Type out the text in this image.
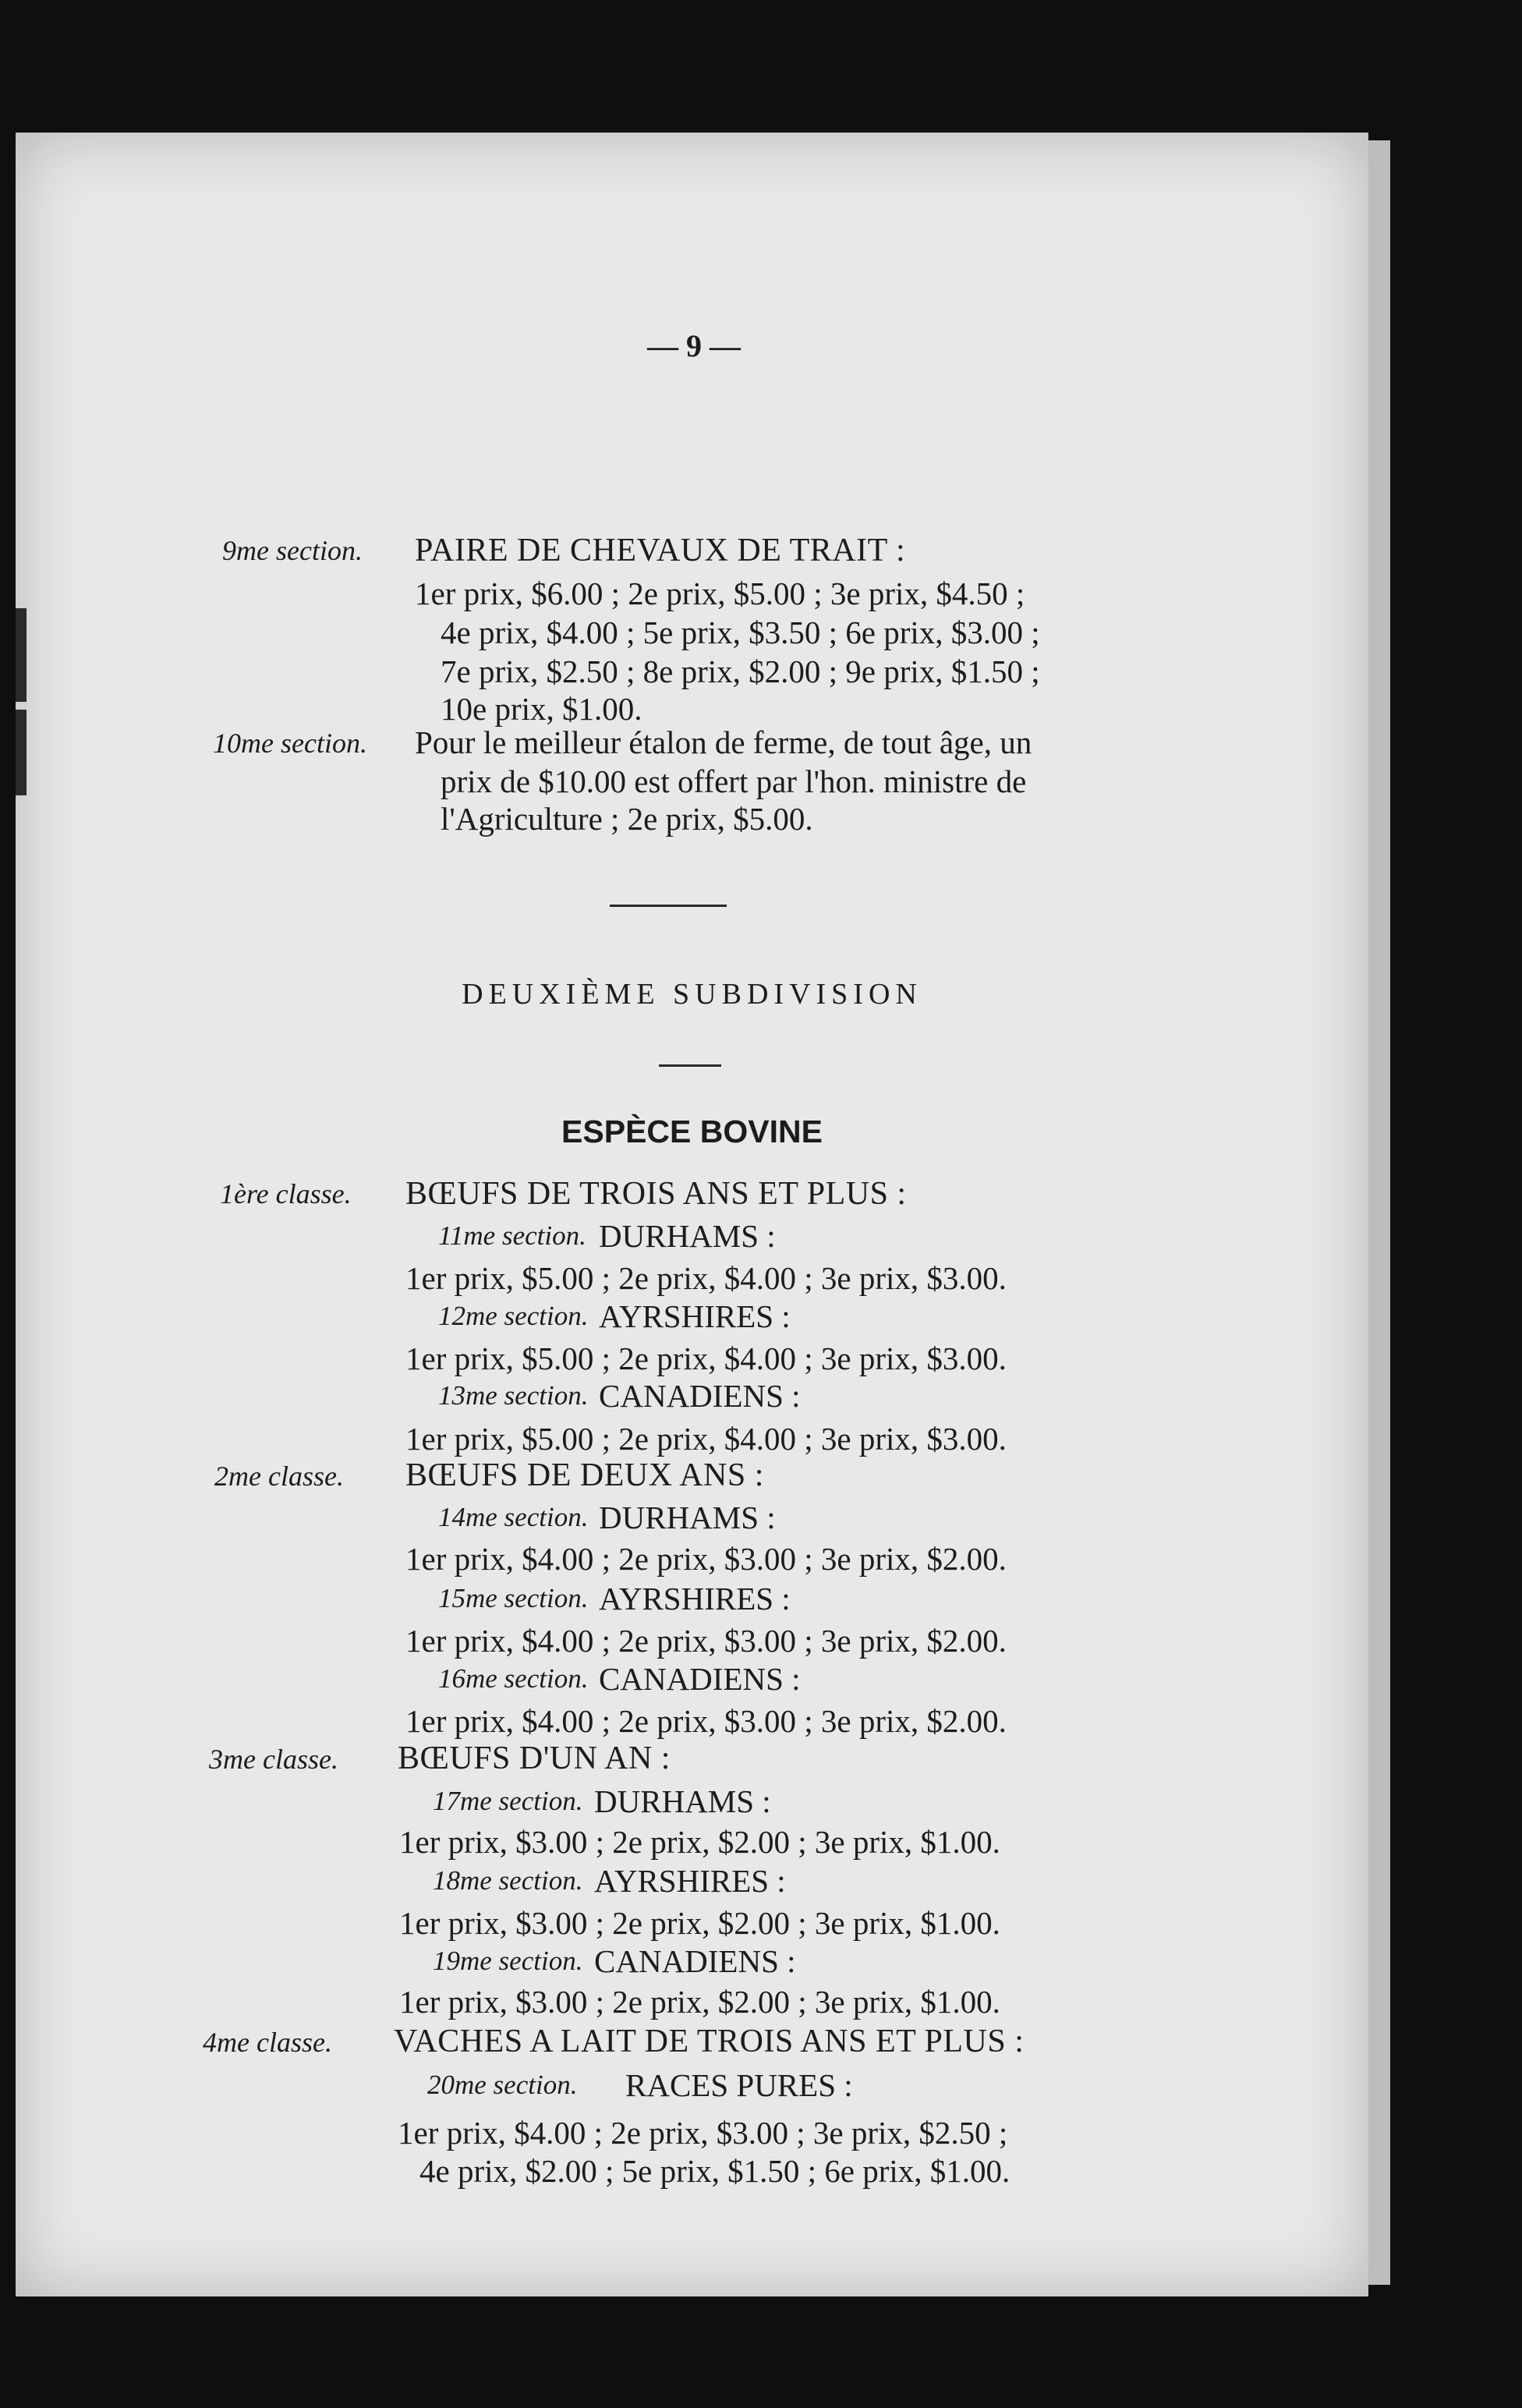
— 9 —
9me section. PAIRE DE CHEVAUX DE TRAIT :
1er prix, $6.00 ; 2e prix, $5.00 ; 3e prix, $4.50 ;
4e prix, $4.00 ; 5e prix, $3.50 ; 6e prix, $3.00 ;
7e prix, $2.50 ; 8e prix, $2.00 ; 9e prix, $1.50 ;
10e prix, $1.00.
10me section. Pour le meilleur étalon de ferme, de tout âge, un
prix de $10.00 est offert par l'hon. ministre de
l'Agriculture ; 2e prix, $5.00.
DEUXIÈME SUBDIVISION
ESPÈCE BOVINE
1ère classe. BŒUFS DE TROIS ANS ET PLUS :
11me section. DURHAMS :
1er prix, $5.00 ; 2e prix, $4.00 ; 3e prix, $3.00.
12me section. AYRSHIRES :
1er prix, $5.00 ; 2e prix, $4.00 ; 3e prix, $3.00.
13me section. CANADIENS :
1er prix, $5.00 ; 2e prix, $4.00 ; 3e prix, $3.00.
2me classe. BŒUFS DE DEUX ANS :
14me section. DURHAMS :
1er prix, $4.00 ; 2e prix, $3.00 ; 3e prix, $2.00.
15me section. AYRSHIRES :
1er prix, $4.00 ; 2e prix, $3.00 ; 3e prix, $2.00.
16me section. CANADIENS :
1er prix, $4.00 ; 2e prix, $3.00 ; 3e prix, $2.00.
3me classe. BŒUFS D'UN AN :
17me section. DURHAMS :
1er prix, $3.00 ; 2e prix, $2.00 ; 3e prix, $1.00.
18me section. AYRSHIRES :
1er prix, $3.00 ; 2e prix, $2.00 ; 3e prix, $1.00.
19me section. CANADIENS :
1er prix, $3.00 ; 2e prix, $2.00 ; 3e prix, $1.00.
4me classe. VACHES A LAIT DE TROIS ANS ET PLUS :
20me section. RACES PURES :
1er prix, $4.00 ; 2e prix, $3.00 ; 3e prix, $2.50 ;
4e prix, $2.00 ; 5e prix, $1.50 ; 6e prix, $1.00.
